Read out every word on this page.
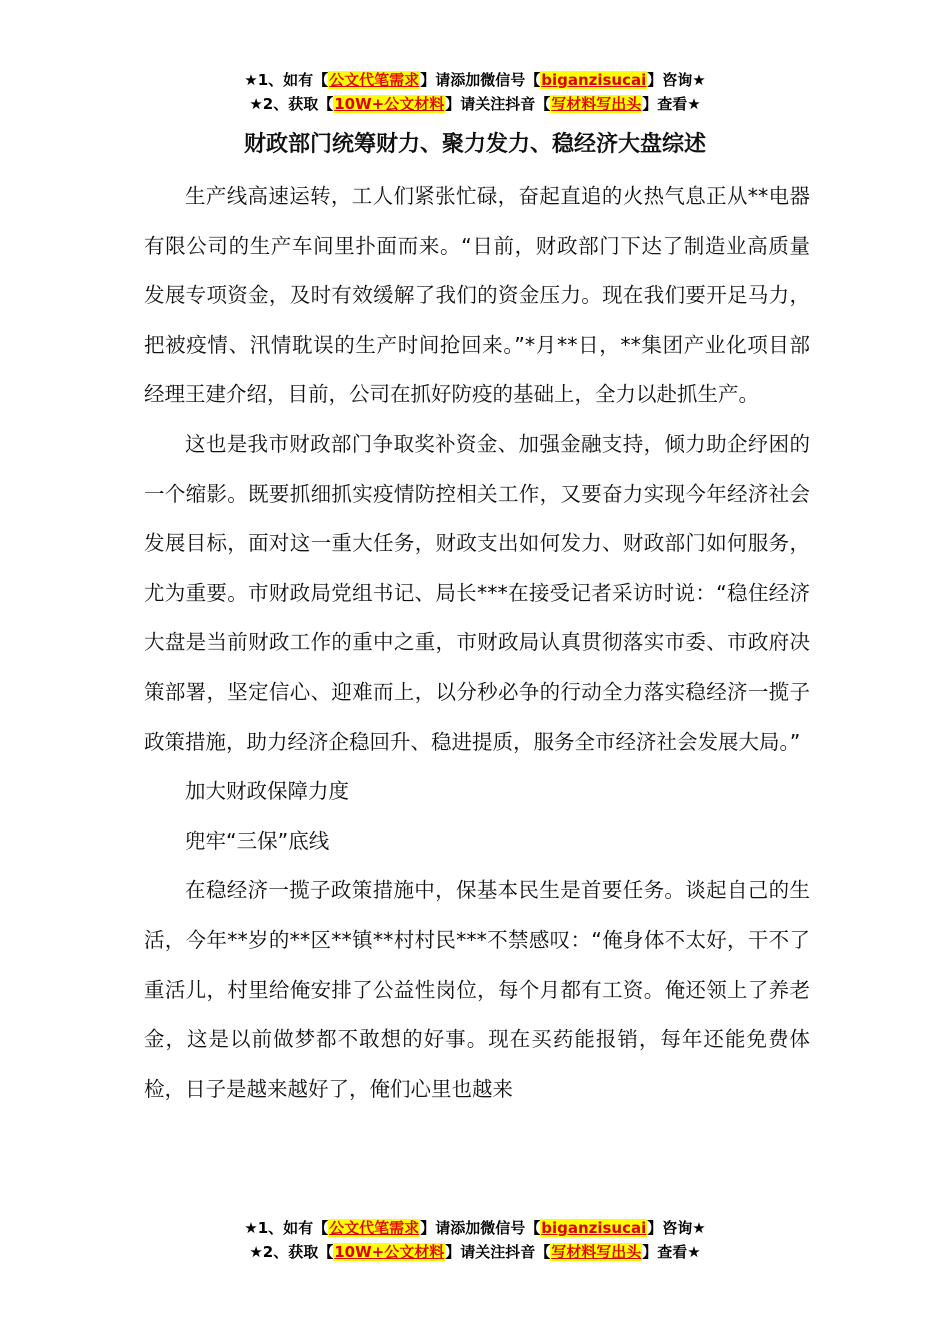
★1、如有【公文代笔需求】请添加微信号【biganzisucai】咨询★
★2、获取【10W+公文材料】请关注抖音【写材料写出头】查看★
财政部门统筹财力、聚力发力、稳经济大盘综述

生产线高速运转，工人们紧张忙碌，奋起直追的火热气息正从**电器有限公司的生产车间里扑面而来。“日前，财政部门下达了制造业高质量发展专项资金，及时有效缓解了我们的资金压力。现在我们要开足马力，把被疫情、汛情耽误的生产时间抢回来。”*月**日，**集团产业化项目部经理王建介绍，目前，公司在抓好防疫的基础上，全力以赴抓生产。

这也是我市财政部门争取奖补资金、加强金融支持，倾力助企纾困的一个缩影。既要抓细抓实疫情防控相关工作，又要奋力实现今年经济社会发展目标，面对这一重大任务，财政支出如何发力、财政部门如何服务，尤为重要。市财政局党组书记、局长***在接受记者采访时说：“稳住经济大盘是当前财政工作的重中之重，市财政局认真贯彻落实市委、市政府决策部署，坚定信心、迎难而上，以分秒必争的行动全力落实稳经济一揽子政策措施，助力经济企稳回升、稳进提质，服务全市经济社会发展大局。”

加大财政保障力度

兜牢“三保”底线

在稳经济一揽子政策措施中，保基本民生是首要任务。谈起自己的生活，今年**岁的**区**镇**村村民***不禁感叹：“俺身体不太好，干不了重活儿，村里给俺安排了公益性岗位，每个月都有工资。俺还领上了养老金，这是以前做梦都不敢想的好事。现在买药能报销，每年还能免费体检，日子是越来越好了，俺们心里也越来

★1、如有【公文代笔需求】请添加微信号【biganzisucai】咨询★
★2、获取【10W+公文材料】请关注抖音【写材料写出头】查看★
